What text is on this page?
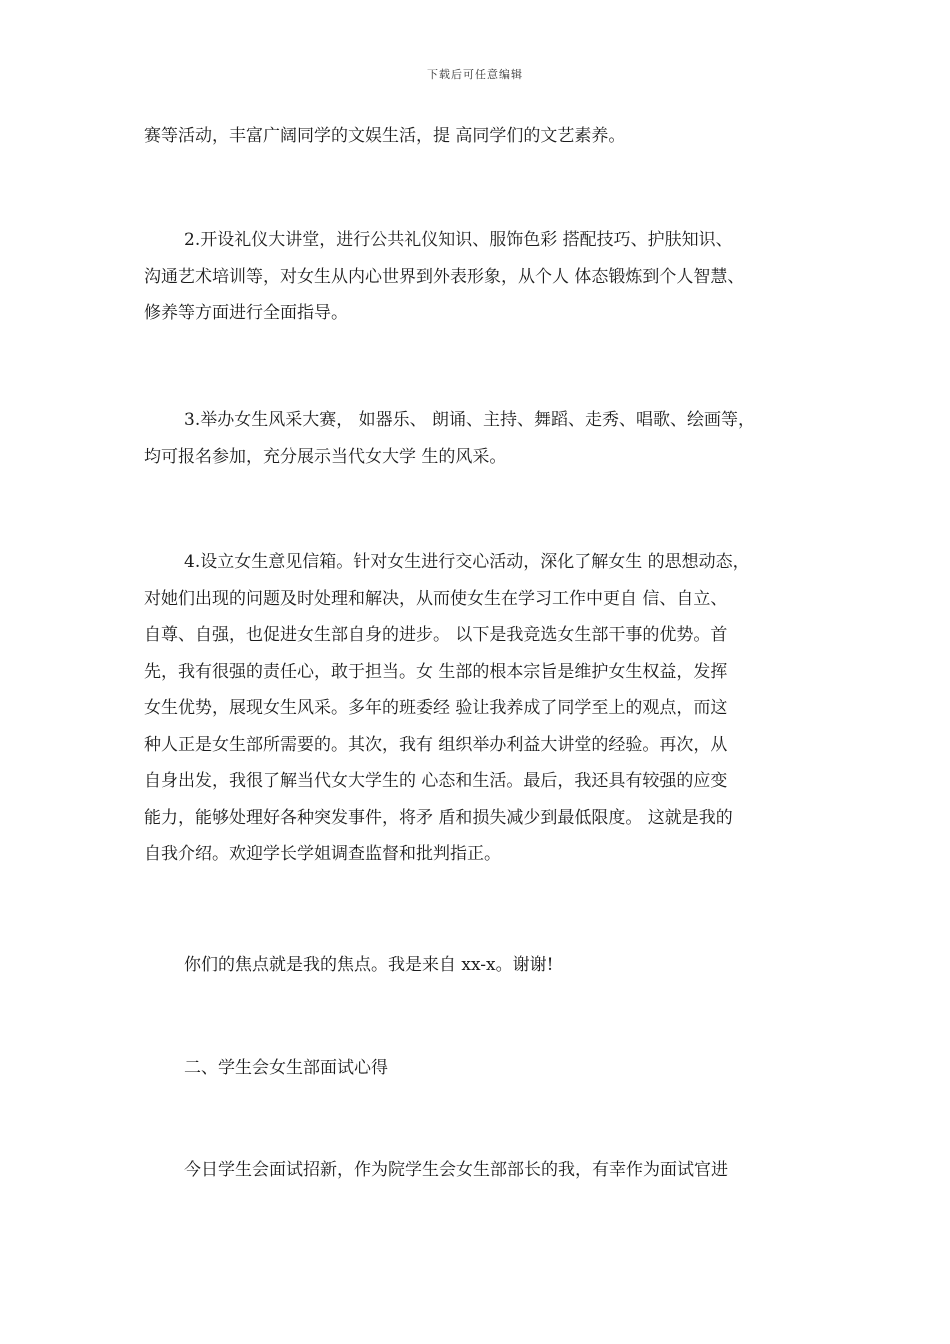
下载后可任意编辑
赛等活动，丰富广阔同学的文娱生活，提 高同学们的文艺素养。
2.开设礼仪大讲堂，进行公共礼仪知识、服饰色彩 搭配技巧、护肤知识、
沟通艺术培训等，对女生从内心世界到外表形象，从个人 体态锻炼到个人智慧、
修养等方面进行全面指导。
3.举办女生风采大赛， 如器乐、 朗诵、主持、舞蹈、走秀、唱歌、绘画等，
均可报名参加，充分展示当代女大学 生的风采。
4.设立女生意见信箱。针对女生进行交心活动，深化了解女生 的思想动态，
对她们出现的问题及时处理和解决，从而使女生在学习工作中更自 信、自立、
自尊、自强，也促进女生部自身的进步。 以下是我竞选女生部干事的优势。首
先，我有很强的责任心，敢于担当。女 生部的根本宗旨是维护女生权益，发挥
女生优势，展现女生风采。多年的班委经 验让我养成了同学至上的观点，而这
种人正是女生部所需要的。其次，我有 组织举办利益大讲堂的经验。再次，从
自身出发，我很了解当代女大学生的 心态和生活。最后，我还具有较强的应变
能力，能够处理好各种突发事件，将矛 盾和损失减少到最低限度。 这就是我的
自我介绍。欢迎学长学姐调查监督和批判指正。
你们的焦点就是我的焦点。我是来自 xx-x。谢谢!
二、学生会女生部面试心得
今日学生会面试招新，作为院学生会女生部部长的我，有幸作为面试官进
